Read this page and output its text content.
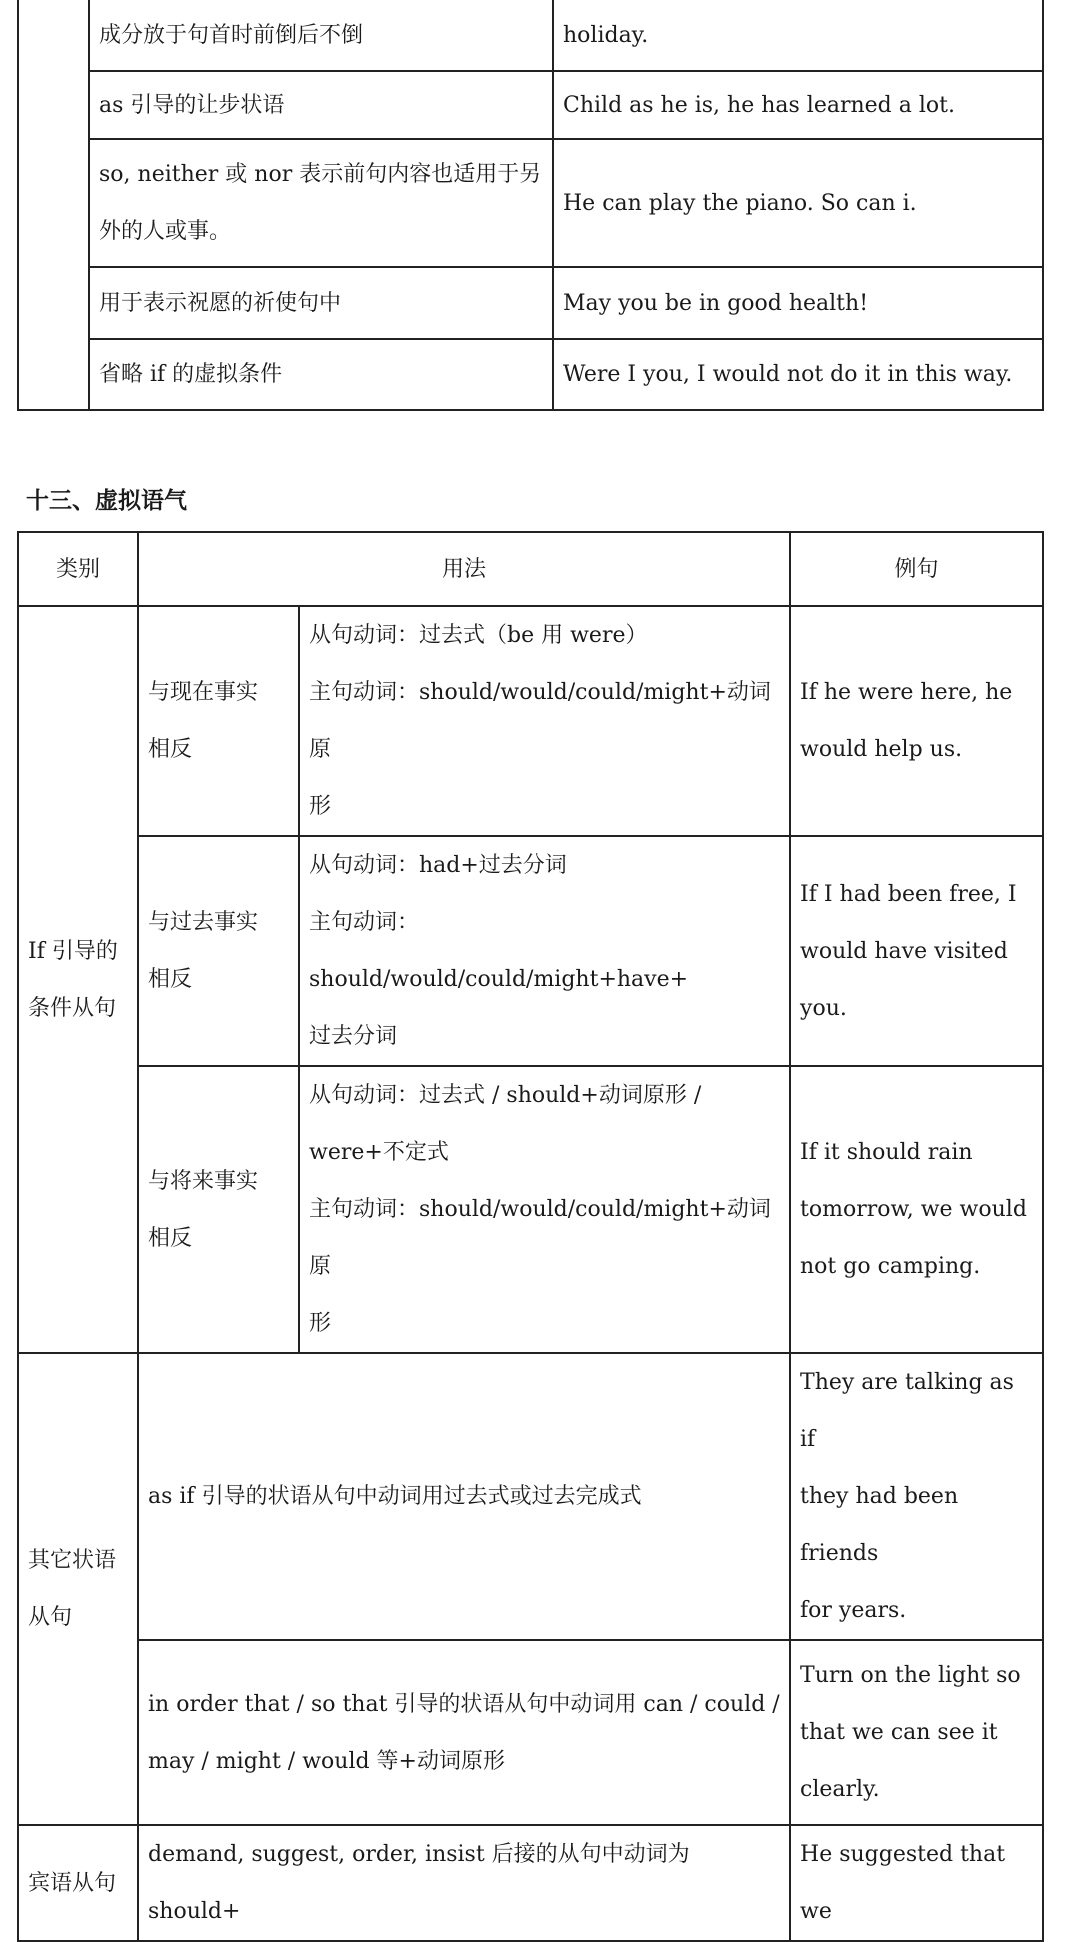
	成分放于句首时前倒后不倒	holiday.
	as 引导的让步状语	Child as he is, he has learned a lot.

	so, neither 或 nor 表示前句内容也适用于另
外的人或事。	He can play the piano. So can i.
	用于表示祝愿的祈使句中	May you be in good health!
	省略 if 的虚拟条件	Were I you, I would not do it in this way.
十三、虚拟语气
类别	用法		例句

If 引导的
条件从句	与现在事实
相反	从句动词：过去式（be 用 were）
主句动词：should/would/could/might+动词原
形	If he were here, he
would help us.

	与过去事实
相反	从句动词：had+过去分词
主句动词：should/would/could/might+have+
过去分词	If I had been free, I
would have visited
you.

	与将来事实
相反	从句动词：过去式 / should+动词原形 /
were+不定式
主句动词：should/would/could/might+动词原
形	If it should rain
tomorrow, we would
not go camping.

其它状语
从句	as if 引导的状语从句中动词用过去式或过去完成式		They are talking as if
they had been friends
for years.

	in order that / so that 引导的状语从句中动词用 can / could /
may / might / would 等+动词原形		Turn on the light so
that we can see it
clearly.

宾语从句	demand, suggest, order, insist 后接的从句中动词为 should+		He suggested that we
